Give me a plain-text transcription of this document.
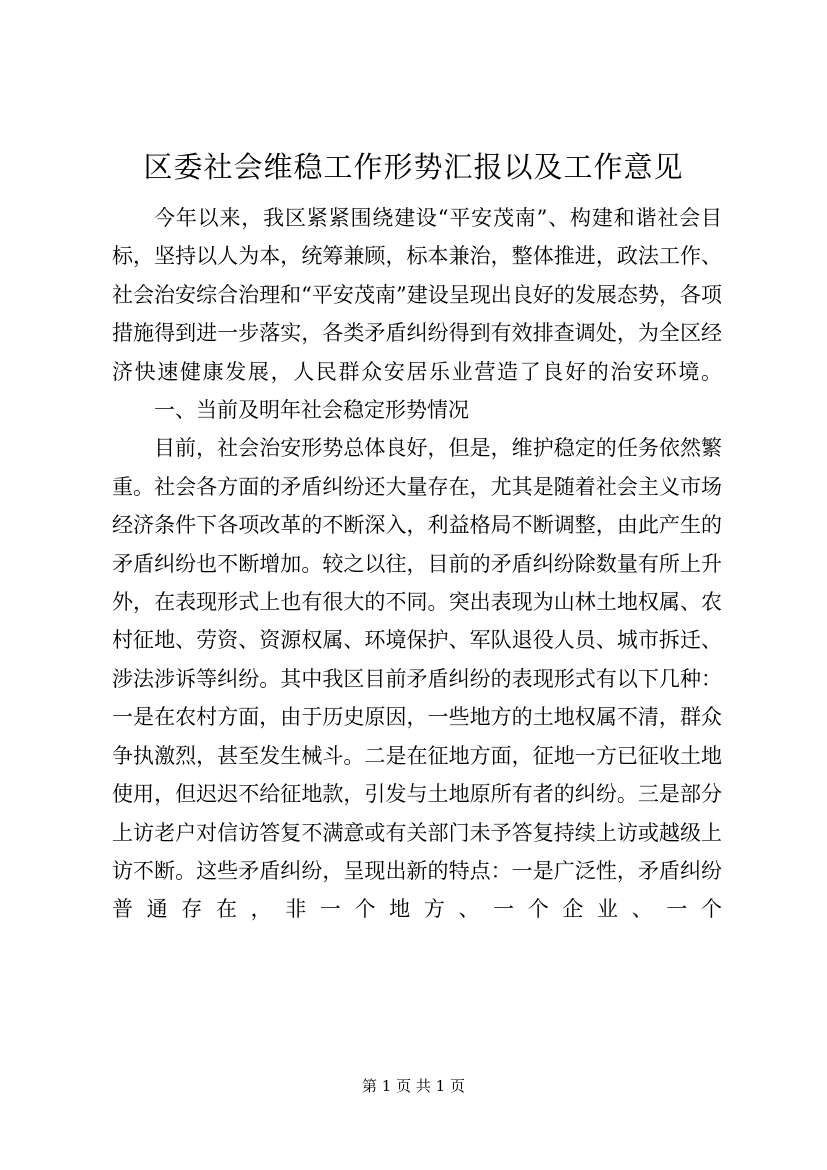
区委社会维稳工作形势汇报以及工作意见

今年以来，我区紧紧围绕建设“平安茂南”、构建和谐社会目标，坚持以人为本，统筹兼顾，标本兼治，整体推进，政法工作、社会治安综合治理和“平安茂南”建设呈现出良好的发展态势，各项措施得到进一步落实，各类矛盾纠纷得到有效排查调处，为全区经济快速健康发展，人民群众安居乐业营造了良好的治安环境。

一、当前及明年社会稳定形势情况

目前，社会治安形势总体良好，但是，维护稳定的任务依然繁重。社会各方面的矛盾纠纷还大量存在，尤其是随着社会主义市场经济条件下各项改革的不断深入，利益格局不断调整，由此产生的矛盾纠纷也不断增加。较之以往，目前的矛盾纠纷除数量有所上升外，在表现形式上也有很大的不同。突出表现为山林土地权属、农村征地、劳资、资源权属、环境保护、军队退役人员、城市拆迁、涉法涉诉等纠纷。其中我区目前矛盾纠纷的表现形式有以下几种：一是在农村方面，由于历史原因，一些地方的土地权属不清，群众争执激烈，甚至发生械斗。二是在征地方面，征地一方已征收土地使用，但迟迟不给征地款，引发与土地原所有者的纠纷。三是部分上访老户对信访答复不满意或有关部门未予答复持续上访或越级上访不断。这些矛盾纠纷，呈现出新的特点：一是广泛性，矛盾纠纷普通存在，非一个地方、一个企业、一个

第 1 页 共 1 页
